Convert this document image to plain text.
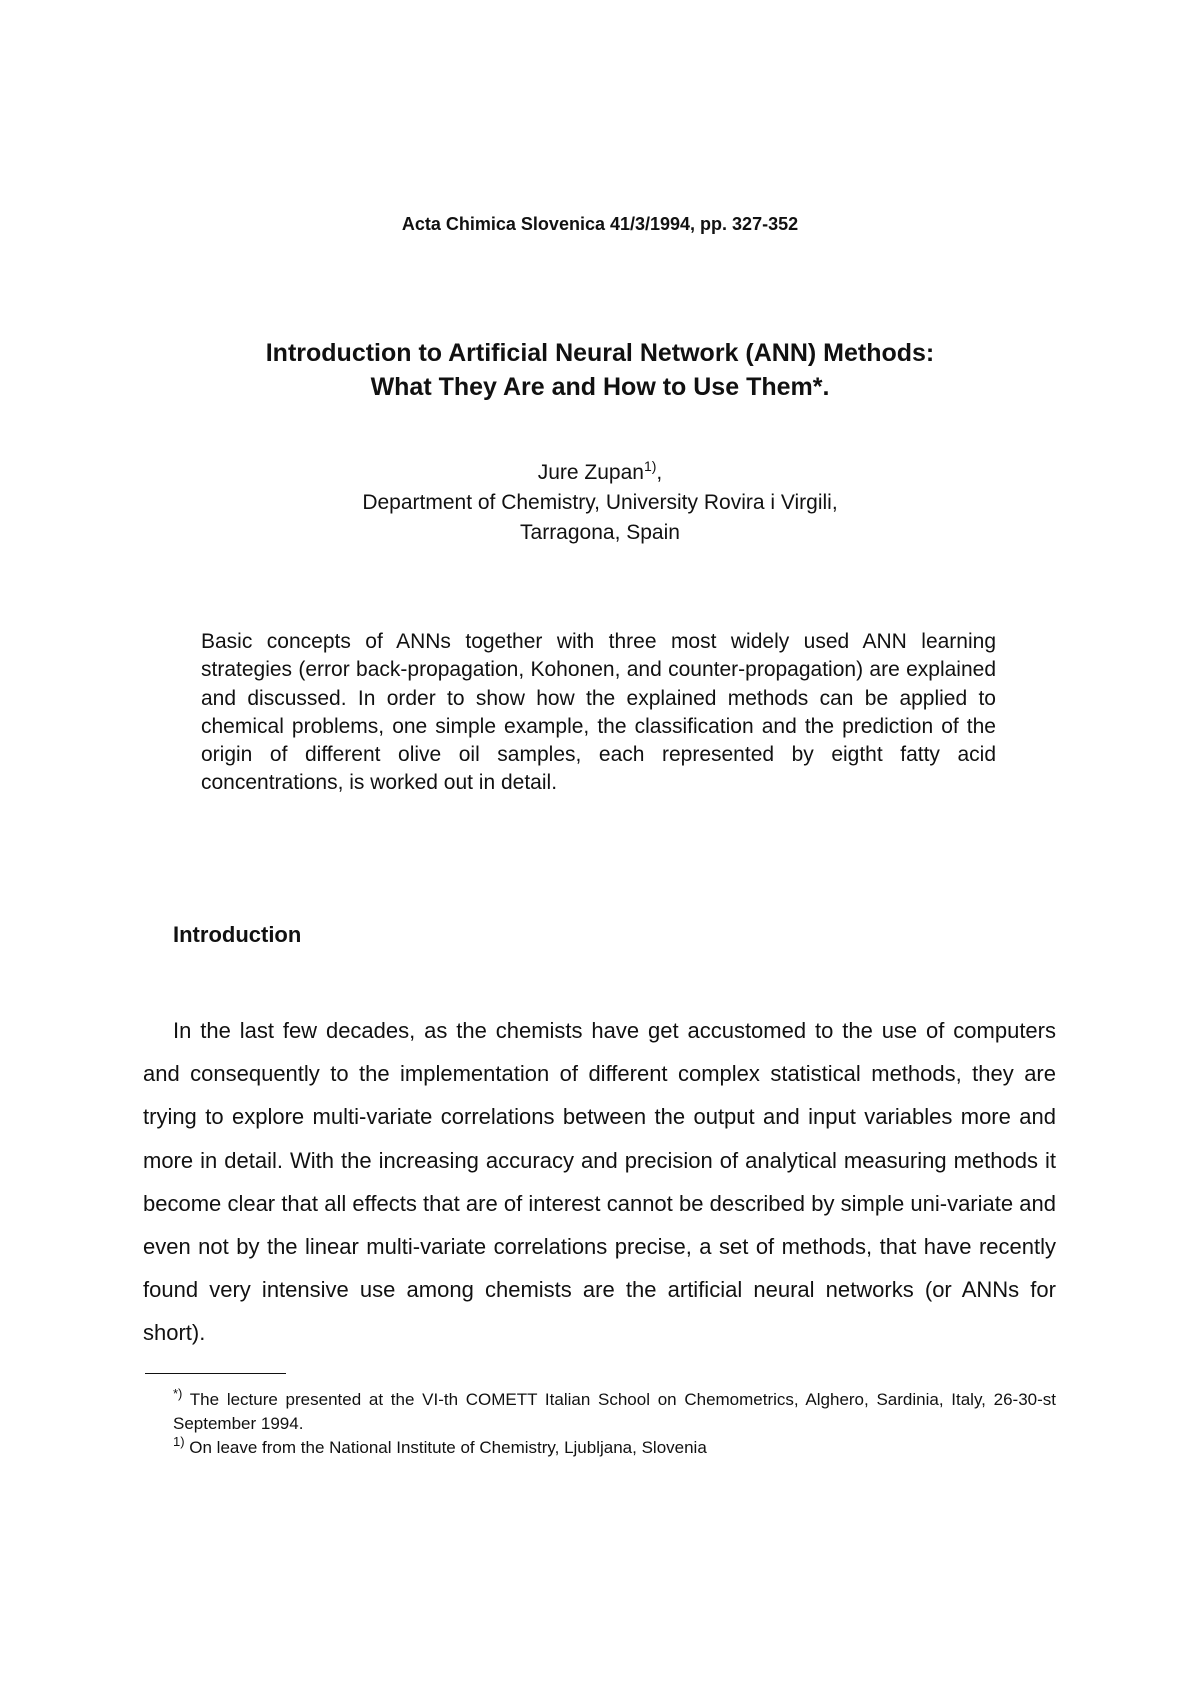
Acta Chimica Slovenica 41/3/1994, pp. 327-352
Introduction to Artificial Neural Network (ANN) Methods:
What They Are and How to Use Them*.
Jure Zupan$^{1)}$,
Department of Chemistry, University Rovira i Virgili,
Tarragona, Spain
Basic concepts of ANNs together with three most widely used ANN learning strategies (error back-propagation, Kohonen, and counter-propagation) are explained and discussed. In order to show how the explained methods can be applied to chemical problems, one simple example, the classification and the prediction of the origin of different olive oil samples, each represented by eigtht fatty acid concentrations, is worked out in detail.
Introduction
In the last few decades, as the chemists have get accustomed to the use of computers and consequently to the implementation of different complex statistical methods, they are trying to explore multi-variate correlations between the output and input variables more and more in detail. With the increasing accuracy and precision of analytical measuring methods it become clear that all effects that are of interest cannot be described by simple uni-variate and even not by the linear multi-variate correlations precise, a set of methods, that have recently found very intensive use among chemists are the artificial neural networks (or ANNs for short).

*) The lecture presented at the VI-th COMETT Italian School on Chemometrics, Alghero, Sardinia, Italy, 26-30-st September 1994.

$^{1)}$ On leave from the National Institute of Chemistry, Ljubljana, Slovenia
